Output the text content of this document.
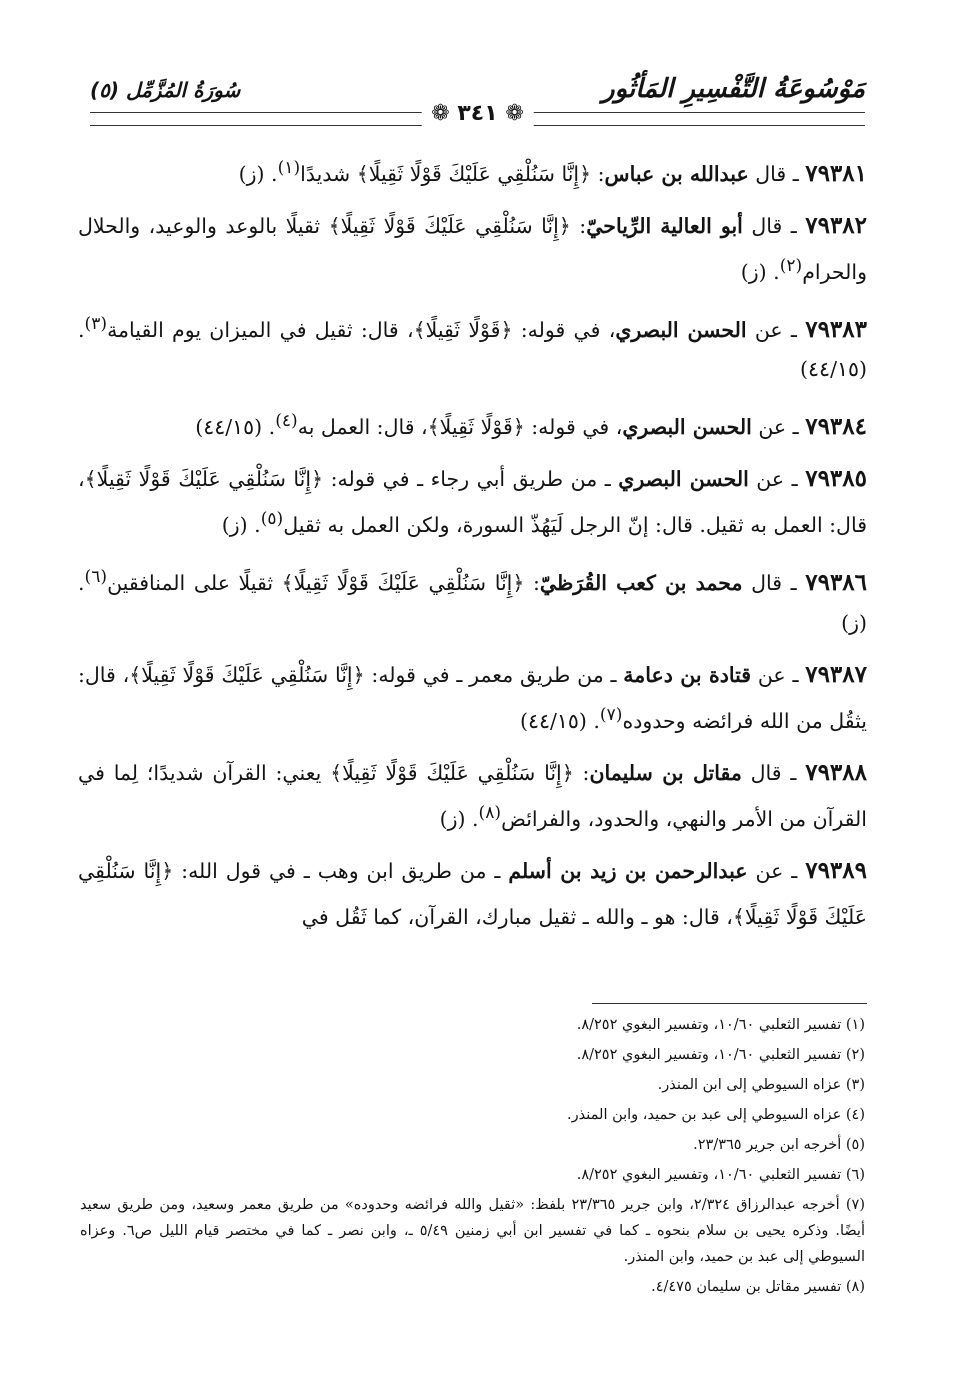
مَوْسُوعَةُ التَّفْسِيرِ المَأثُور
سُورَةُ المُزَّمِّل (٥)
❁ ٣٤١ ❁

٧٩٣٨١ ـ قال عبدالله بن عباس: ﴿إِنَّا سَنُلْقِي عَلَيْكَ قَوْلًا ثَقِيلًا﴾ شديدًا$^{(١)}$. (ز)

٧٩٣٨٢ ـ قال أبو العالية الرِّياحيّ: ﴿إِنَّا سَنُلْقِي عَلَيْكَ قَوْلًا ثَقِيلًا﴾ ثقيلًا بالوعد والوعيد، والحلال والحرام$^{(٢)}$. (ز)

٧٩٣٨٣ ـ عن الحسن البصري، في قوله: ﴿قَوْلًا ثَقِيلًا﴾، قال: ثقيل في الميزان يوم القيامة$^{(٣)}$. (٤٤/١٥)

٧٩٣٨٤ ـ عن الحسن البصري، في قوله: ﴿قَوْلًا ثَقِيلًا﴾، قال: العمل به$^{(٤)}$. (٤٤/١٥)

٧٩٣٨٥ ـ عن الحسن البصري ـ من طريق أبي رجاء ـ في قوله: ﴿إِنَّا سَنُلْقِي عَلَيْكَ قَوْلًا ثَقِيلًا﴾، قال: العمل به ثقيل. قال: إنّ الرجل لَيَهُذّ السورة، ولكن العمل به ثقيل$^{(٥)}$. (ز)

٧٩٣٨٦ ـ قال محمد بن كعب القُرَظيّ: ﴿إِنَّا سَنُلْقِي عَلَيْكَ قَوْلًا ثَقِيلًا﴾ ثقيلًا على المنافقين$^{(٦)}$. (ز)

٧٩٣٨٧ ـ عن قتادة بن دعامة ـ من طريق معمر ـ في قوله: ﴿إِنَّا سَنُلْقِي عَلَيْكَ قَوْلًا ثَقِيلًا﴾، قال: يثقُل من الله فرائضه وحدوده$^{(٧)}$. (٤٤/١٥)

٧٩٣٨٨ ـ قال مقاتل بن سليمان: ﴿إِنَّا سَنُلْقِي عَلَيْكَ قَوْلًا ثَقِيلًا﴾ يعني: القرآن شديدًا؛ لِما في القرآن من الأمر والنهي، والحدود، والفرائض$^{(٨)}$. (ز)

٧٩٣٨٩ ـ عن عبدالرحمن بن زيد بن أسلم ـ من طريق ابن وهب ـ في قول الله: ﴿إِنَّا سَنُلْقِي عَلَيْكَ قَوْلًا ثَقِيلًا﴾، قال: هو ـ والله ـ ثقيل مبارك، القرآن، كما ثَقُل في

(١) تفسير الثعلبي ١٠/٦٠، وتفسير البغوي ٨/٢٥٢.

(٢) تفسير الثعلبي ١٠/٦٠، وتفسير البغوي ٨/٢٥٢.

(٣) عزاه السيوطي إلى ابن المنذر.

(٤) عزاه السيوطي إلى عبد بن حميد، وابن المنذر.

(٥) أخرجه ابن جرير ٢٣/٣٦٥.

(٦) تفسير الثعلبي ١٠/٦٠، وتفسير البغوي ٨/٢٥٢.

(٧) أخرجه عبدالرزاق ٢/٣٢٤، وابن جرير ٢٣/٣٦٥ بلفظ: «ثقيل والله فرائضه وحدوده» من طريق معمر وسعيد، ومن طريق سعيد أيضًا. وذكره يحيى بن سلام بنحوه ـ كما في تفسير ابن أبي زمنين ٥/٤٩ ـ، وابن نصر ـ كما في مختصر قيام الليل ص٦. وعزاه السيوطي إلى عبد بن حميد، وابن المنذر.

(٨) تفسير مقاتل بن سليمان ٤/٤٧٥.
